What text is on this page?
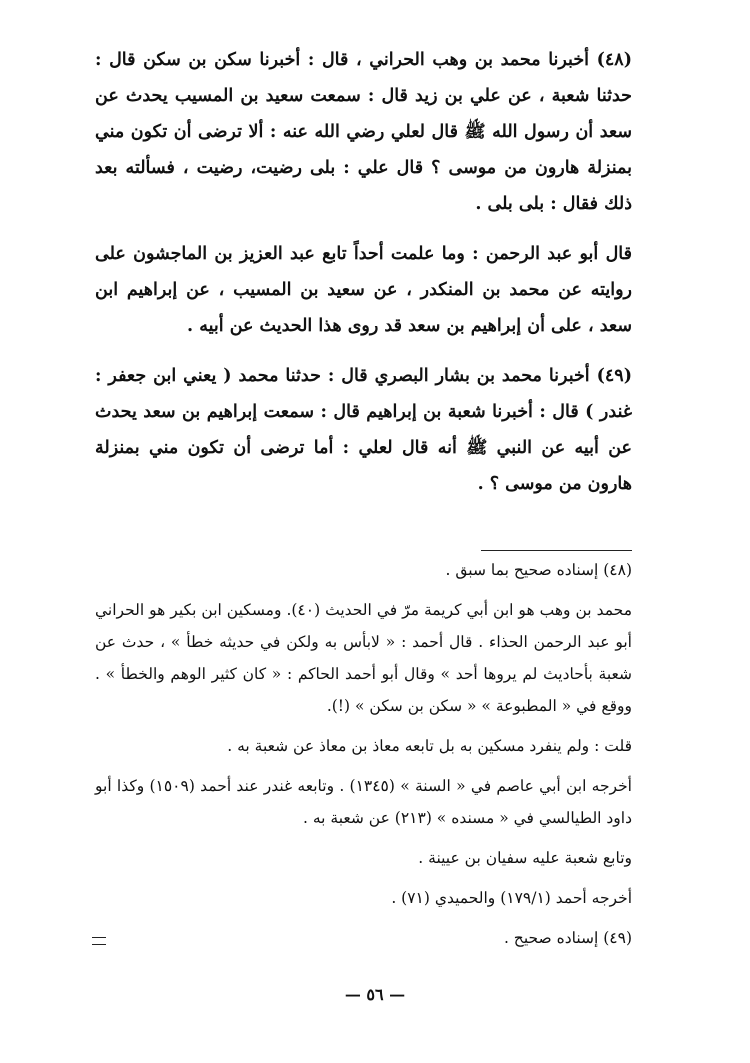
(٤٨) أخبرنا محمد بن وهب الحراني ، قال : أخبرنا سكن بن سكن قال : حدثنا شعبة ، عن علي بن زيد قال : سمعت سعيد بن المسيب يحدث عن سعد أن رسول الله ﷺ قال لعلي رضي الله عنه : ألا ترضى أن تكون مني بمنزلة هارون من موسى ؟ قال علي : بلى رضيت، رضيت ، فسألته بعد ذلك فقال : بلى بلى .

قال أبو عبد الرحمن : وما علمت أحداً تابع عبد العزيز بن الماجشون على روايته عن محمد بن المنكدر ، عن سعيد بن المسيب ، عن إبراهيم ابن سعد ، على أن إبراهيم بن سعد قد روى هذا الحديث عن أبيه .

(٤٩) أخبرنا محمد بن بشار البصري قال : حدثنا محمد ( يعني ابن جعفر : غندر ) قال : أخبرنا شعبة بن إبراهيم قال : سمعت إبراهيم بن سعد يحدث عن أبيه عن النبي ﷺ أنه قال لعلي : أما ترضى أن تكون مني بمنزلة هارون من موسى ؟ .

(٤٨) إسناده صحيح بما سبق .

محمد بن وهب هو ابن أبي كريمة مرّ في الحديث (٤٠). ومسكين ابن بكير هو الحراني أبو عبد الرحمن الحذاء . قال أحمد : « لابأس به ولكن في حديثه خطأ » ، حدث عن شعبة بأحاديث لم يروها أحد » وقال أبو أحمد الحاكم : « كان كثير الوهم والخطأ » . ووقع في « المطبوعة » « سكن بن سكن » (!).

قلت : ولم ينفرد مسكين به بل تابعه معاذ بن معاذ عن شعبة به .

أخرجه ابن أبي عاصم في « السنة » (١٣٤٥) . وتابعه غندر عند أحمد (١٥٠٩) وكذا أبو داود الطيالسي في « مسنده » (٢١٣) عن شعبة به .

وتابع شعبة عليه سفيان بن عيينة .

أخرجه أحمد (١٧٩/١) والحميدي (٧١) .

(٤٩) إسناده صحيح .

— ٥٦ —
